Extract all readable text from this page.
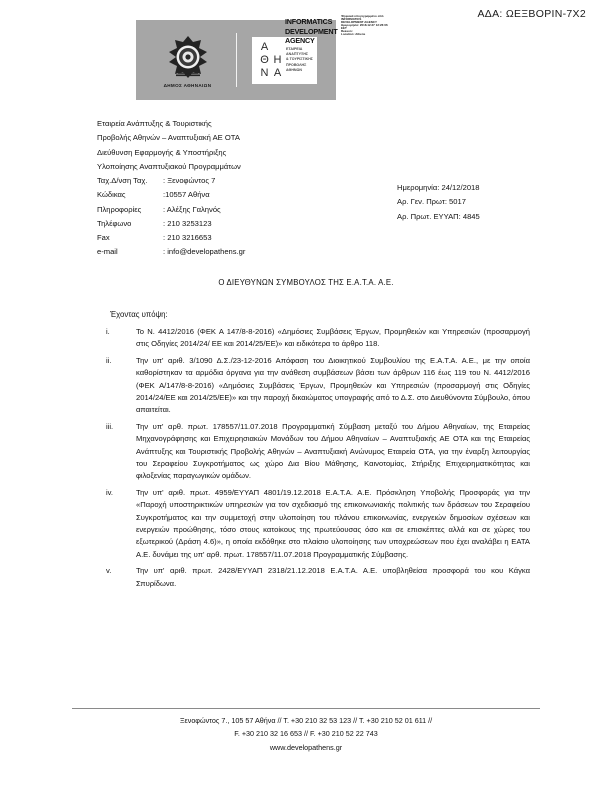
ΑΔΑ: ΩΕΞΒΟΡΙΝ-7Χ2
Ψηφιακά υπογεγραμμένο από
INFORMATICS
DEVELOPMENT AGENCY
Ημερομηνία: 2018.12.27 12:26:06
EET
Reason:
Location: Athens
ΔΗΜΟΣ ΑΘΗΝΑΙΩΝ
Α
Θ Η
Ν Α
ΕΤΑΙΡΕΙΑ
ΑΝΑΠΤΥΞΗΣ
& ΤΟΥΡΙΣΤΙΚΗΣ
ΠΡΟΒΟΛΗΣ
ΑΘΗΝΩΝ
INFORMATICS DEVELOPMENT AGENCY
Εταιρεία Ανάπτυξης & Τουριστικής
Προβολής Αθηνών – Αναπτυξιακή ΑΕ ΟΤΑ
Διεύθυνση Εφαρμογής & Υποστήριξης
Υλοποίησης Αναπτυξιακού Προγραμμάτων
Ταχ.Δ/νση Ταχ. : Ξενοφώντος 7
Κώδικας	:10557 Αθήνα
Πληροφορίες	: Αλέξης Γαληνός
Τηλέφωνο	: 210 3253123
Fax	: 210 3216653
e-mail	: info@developathens.gr
Ημερομηνία: 24/12/2018
Αρ. Γεν. Πρωτ: 5017
Αρ. Πρωτ. ΕΥΥΑΠ: 4845
Ο ΔΙΕΥΘΥΝΩΝ ΣΥΜΒΟΥΛΟΣ ΤΗΣ Ε.Α.Τ.Α. Α.Ε.
Έχοντας υπόψη:
i.	Το Ν. 4412/2016 (ΦΕΚ Α 147/8-8-2016) «Δημόσιες Συμβάσεις Έργων, Προμηθειών και Υπηρεσιών (προσαρμογή στις Οδηγίες 2014/24/ ΕΕ και 2014/25/ΕΕ)» και ειδικότερα το άρθρο 118.
ii.	Την υπ' αριθ. 3/1090 Δ.Σ./23-12-2016 Απόφαση του Διοικητικού Συμβουλίου της Ε.Α.Τ.Α. Α.Ε., με την οποία καθορίστηκαν τα αρμόδια όργανα για την ανάθεση συμβάσεων βάσει των άρθρων 116 έως 119 του Ν. 4412/2016 (ΦΕΚ Α/147/8-8-2016) «Δημόσιες Συμβάσεις Έργων, Προμηθειών και Υπηρεσιών (προσαρμογή στις Οδηγίες 2014/24/ΕΕ και 2014/25/ΕΕ)» και την παροχή δικαιώματος υπογραφής από το Δ.Σ. στο Διευθύνοντα Σύμβουλο, όπου απαιτείται.
iii.	Την υπ' αρθ. πρωτ. 178557/11.07.2018 Προγραμματική Σύμβαση μεταξύ του Δήμου Αθηναίων, της Εταιρείας Μηχανογράφησης και Επιχειρησιακών Μονάδων του Δήμου Αθηναίων – Αναπτυξιακής ΑΕ ΟΤΑ και της Εταιρείας Ανάπτυξης και Τουριστικής Προβολής Αθηνών – Αναπτυξιακή Ανώνυμος Εταιρεία ΟΤΑ, για την έναρξη λειτουργίας του Σεραφείου Συγκροτήματος ως χώρο Δια Βίου Μάθησης, Καινοτομίας, Στήριξης Επιχειρηματικότητας και φιλοξενίας παραγωγικών ομάδων.
iv.	Την υπ' αριθ. πρωτ. 4959/ΕΥΥΑΠ 4801/19.12.2018 Ε.Α.Τ.Α. Α.Ε. Πρόσκληση Υποβολής Προσφοράς για την «Παροχή υποστηρικτικών υπηρεσιών για τον σχεδιασμό της επικοινωνιακής πολιτικής των δράσεων του Σεραφείου Συγκροτήματος και την συμμετοχή στην υλοποίηση του πλάνου επικοινωνίας, ενεργειών δημοσίων σχέσεων και ενεργειών προώθησης, τόσο στους κατοίκους της πρωτεύουσας όσο και σε επισκέπτες αλλά και σε χώρες του εξωτερικού (Δράση 4.6)», η οποία εκδόθηκε στο πλαίσιο υλοποίησης των υποχρεώσεων που έχει αναλάβει η ΕΑΤΑ Α.Ε. δυνάμει της υπ' αρθ. πρωτ. 178557/11.07.2018 Προγραμματικής Σύμβασης.
v.	Την υπ' αριθ. πρωτ. 2428/ΕΥΥΑΠ 2318/21.12.2018 Ε.Α.Τ.Α. Α.Ε. υποβληθείσα προσφορά του κου Κάγκα Σπυρίδωνα.
Ξενοφώντος 7., 105 57 Αθήνα // Τ. +30 210 32 53 123 // Τ. +30 210 52 01 611 //
F. +30 210 32 16 653 // F. +30 210 52 22 743
www.developathens.gr
